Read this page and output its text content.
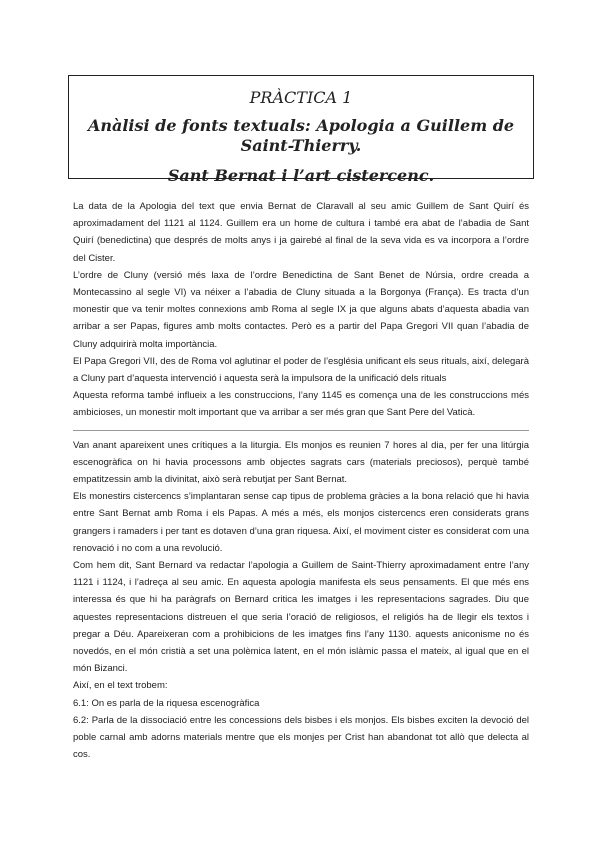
PRÀCTICA 1
Anàlisi de fonts textuals: Apologia a Guillem de Saint-Thierry.
Sant Bernat i l’art cistercenc.

La data de la Apologia del text que envia Bernat de Claravall al seu amic Guillem de Sant Quirí és aproximadament del 1121 al 1124. Guillem era un home de cultura i també era abat de l’abadia de Sant Quirí (benedictina) que després de molts anys i ja gairebé al final de la seva vida es va incorpora a l’ordre del Cister.

L’ordre de Cluny (versió més laxa de l’ordre Benedictina de Sant Benet de Núrsia, ordre creada a Montecassino al segle VI) va néixer a l’abadia de Cluny situada a la Borgonya (França). Es tracta d’un monestir que va tenir moltes connexions amb Roma al segle IX ja que alguns abats d’aquesta abadia van arribar a ser Papas, figures amb molts contactes. Però es a partir del Papa Gregori VII quan l’abadia de Cluny adquirirà molta importància.

El Papa Gregori VII, des de Roma vol aglutinar el poder de l’església unificant els seus rituals, així, delegarà a Cluny part d’aquesta intervenció i aquesta serà la impulsora de la unificació dels rituals

Aquesta reforma també influeix a les construccions, l’any 1145 es comença una de les construccions més ambicioses, un monestir molt important que va arribar a ser més gran que Sant Pere del Vaticà.

Van anant apareixent unes crítiques a la liturgia. Els monjos es reunien 7 hores al dia, per fer una litúrgia escenogràfica on hi havia processons amb objectes sagrats cars (materials preciosos), perquè també empatitzessin amb la divinitat, això serà rebutjat per Sant Bernat.

Els monestirs cistercencs s’implantaran sense cap tipus de problema gràcies a la bona relació que hi havia entre Sant Bernat amb Roma i els Papas. A més a més, els monjos cistercencs eren considerats grans grangers i ramaders i per tant es dotaven d’una gran riquesa. Així, el moviment cister es considerat com una renovació i no com a una revolució.

Com hem dit, Sant Bernard va redactar l’apologia a Guillem de Saint-Thierry aproximadament entre l’any 1121 i 1124, i l’adreça al seu amic. En aquesta apologia manifesta els seus pensaments. El que més ens interessa és que hi ha paràgrafs on Bernard critica les imatges i les representacions sagrades. Diu que aquestes representacions distreuen el que seria l’oració de religiosos, el religiós ha de llegir els textos i pregar a Déu. Apareixeran com a prohibicions de les imatges fins l’any 1130. aquests aniconisme no és novedós, en el món cristià a set una polèmica latent, en el món islàmic passa el mateix, al igual que en el món Bizanci.

Així, en el text trobem:

6.1: On es parla de la riquesa escenogràfica

6.2: Parla de la dissociació entre les concessions dels bisbes i els monjos. Els bisbes exciten la devoció del poble carnal amb adorns materials mentre que els monjes per Crist han abandonat tot allò que delecta al cos.
